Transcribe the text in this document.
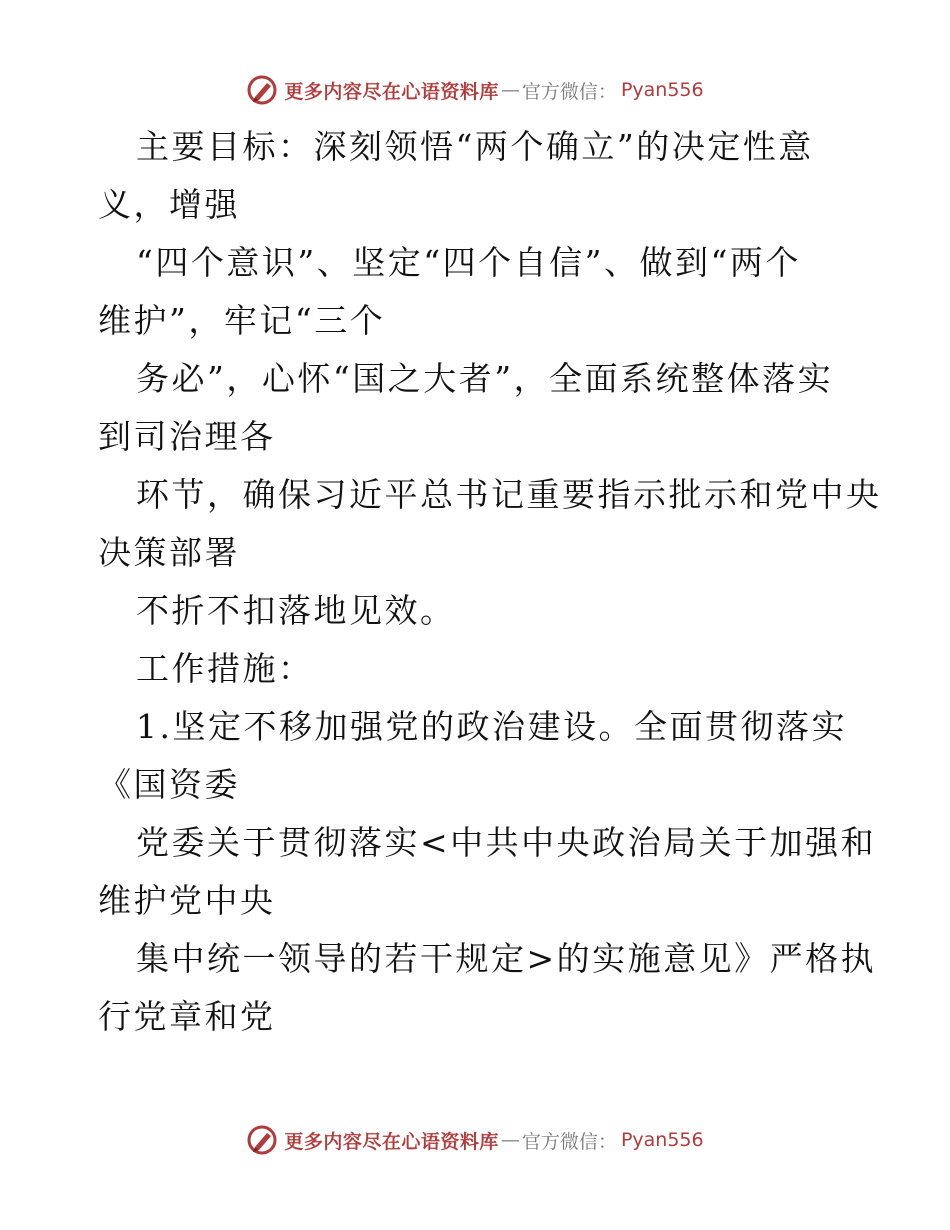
更多内容尽在心语资料库 — 官方微信： Pyan556
主要目标：深刻领悟“两个确立”的决定性意
义，增强
“四个意识”、坚定“四个自信”、做到“两个
维护”，牢记“三个
务必”，心怀“国之大者”，全面系统整体落实
到司治理各
环节，确保习近平总书记重要指示批示和党中央
决策部署
不折不扣落地见效。
工作措施：
1.坚定不移加强党的政治建设。全面贯彻落实
《国资委
党委关于贯彻落实<中共中央政治局关于加强和
维护党中央
集中统一领导的若干规定>的实施意见》严格执
行党章和党
更多内容尽在心语资料库 — 官方微信： Pyan556
